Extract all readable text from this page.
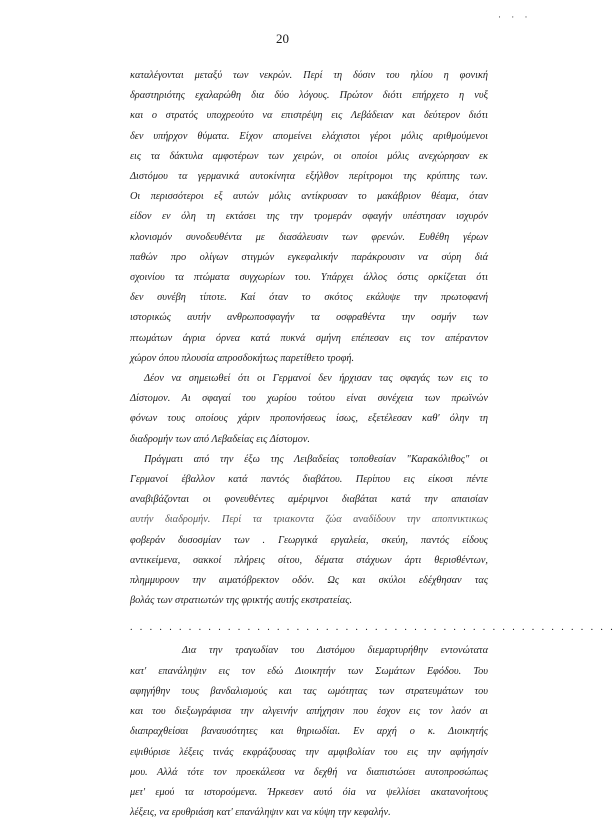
· · ·
20

καταλέγονται μεταξύ των νεκρών. Περί τη δύσιν του ηλίου η φονική
δραστηριότης εχαλαρώθη δια δύο λόγους. Πρώτον διότι επήρχετο η νυξ
και ο στρατός υποχρεούτο να επιστρέψη εις Λεβάδειαν και δεύτερον διότι
δεν υπήρχον θύματα. Είχον απομείνει ελάχιστοι γέροι μόλις αριθμούμενοι
εις τα δάκτυλα αμφοτέρων των χειρών, οι οποίοι μόλις ανεχώρησαν εκ
Διστόμου τα γερμανικά αυτοκίνητα εξήλθον περίτρομοι της κρύπτης των.
Οι περισσότεροι εξ αυτών μόλις αντίκρυσαν το μακάβριον θέαμα, όταν
είδον εν όλη τη εκτάσει της την τρομεράν σφαγήν υπέστησαν ισχυρόν
κλονισμόν συνοδευθέντα με διασάλευσιν των φρενών. Ευθέθη γέρων
παθών προ ολίγων στιγμών εγκεφαλικήν παράκρουσιν να σύρη διά
σχοινίου τα πτώματα συγχωρίων του. Υπάρχει άλλος όστις ορκίζεται ότι
δεν συνέβη τίποτε. Καί όταν το σκότος εκάλυψε την πρωτοφανή
ιστορικώς αυτήν ανθρωποσφαγήν τα οσφραθέντα την οσμήν των
πτωμάτων άγρια όρνεα κατά πυκνά σμήνη επέπεσαν εις τον απέραντον
χώρον όπου πλουσία απροσδοκήτως παρετίθετο τροφή.

Δέον να σημειωθεί ότι οι Γερμανοί δεν ήρχισαν τας σφαγάς των εις το
Δίστομον. Αι σφαγαί του χωρίου τούτου είναι συνέχεια των πρωϊνών
φόνων τους οποίους χάριν προπονήσεως ίσως, εξετέλεσαν καθ' όλην τη
διαδρομήν των από Λεβαδείας εις Δίστομον.

Πράγματι από την έξω της Λειβαδείας τοποθεσίαν "Καρακόλιθος" οι
Γερμανοί έβαλλον κατά παντός διαβάτου. Περίπου εις είκοσι πέντε
αναβιβάζονται οι φονευθέντες αμέριμνοι διαβάται κατά την απαισίαν
αυτήν διαδρομήν. Περί τα τριακοντα ζώα αναδίδουν την αποπνικτικως
φοβεράν δυσοσμίαν των . Γεωργικά εργαλεία, σκεύη, παντός είδους
αντικείμενα, σακκοί πλήρεις σίτου, δέματα στάχυων άρτι θερισθέντων,
πλημμυρουν την αιματόβρεκτον οδόν. Ως και σκύλοι εδέχθησαν τας
βολάς των στρατιωτών της φρικτής αυτής εκστρατείας.

. . . . . . . . . . . . . . . . . . . . . . . . . . . . . . . . . . . . . . . . . . . . . . . . . .

Δια την τραγωδίαν του Διστόμου διεμαρτυρήθην εντονώτατα
κατ' επανάληψιν εις τον εδώ Διοικητήν των Σωμάτων Εφόδου. Του
αφηγήθην τους βανδαλισμούς και τας ωμότητας των στρατευμάτων του
και του διεξωγράφισα την αλγεινήν απήχησιν που έσχον εις τον λαόν αι
διαπραχθείσαι βαναυσότητες και θηριωδίαι. Εν αρχή ο κ. Διοικητής
εψιθύρισε λέξεις τινάς εκφράζουσας την αμφιβολίαν του εις την αφήγησίν
μου. Αλλά τότε τον προεκάλεσα να δεχθή να διαπιστώσει αυτοπροσώπως
μετ' εμού τα ιστορούμενα. Ήρκεσεν αυτό όia να ψελλίσει ακατανοήτους
λέξεις, να ερυθριάση κατ' επανάληψιν και να κύψη την κεφαλήν.
